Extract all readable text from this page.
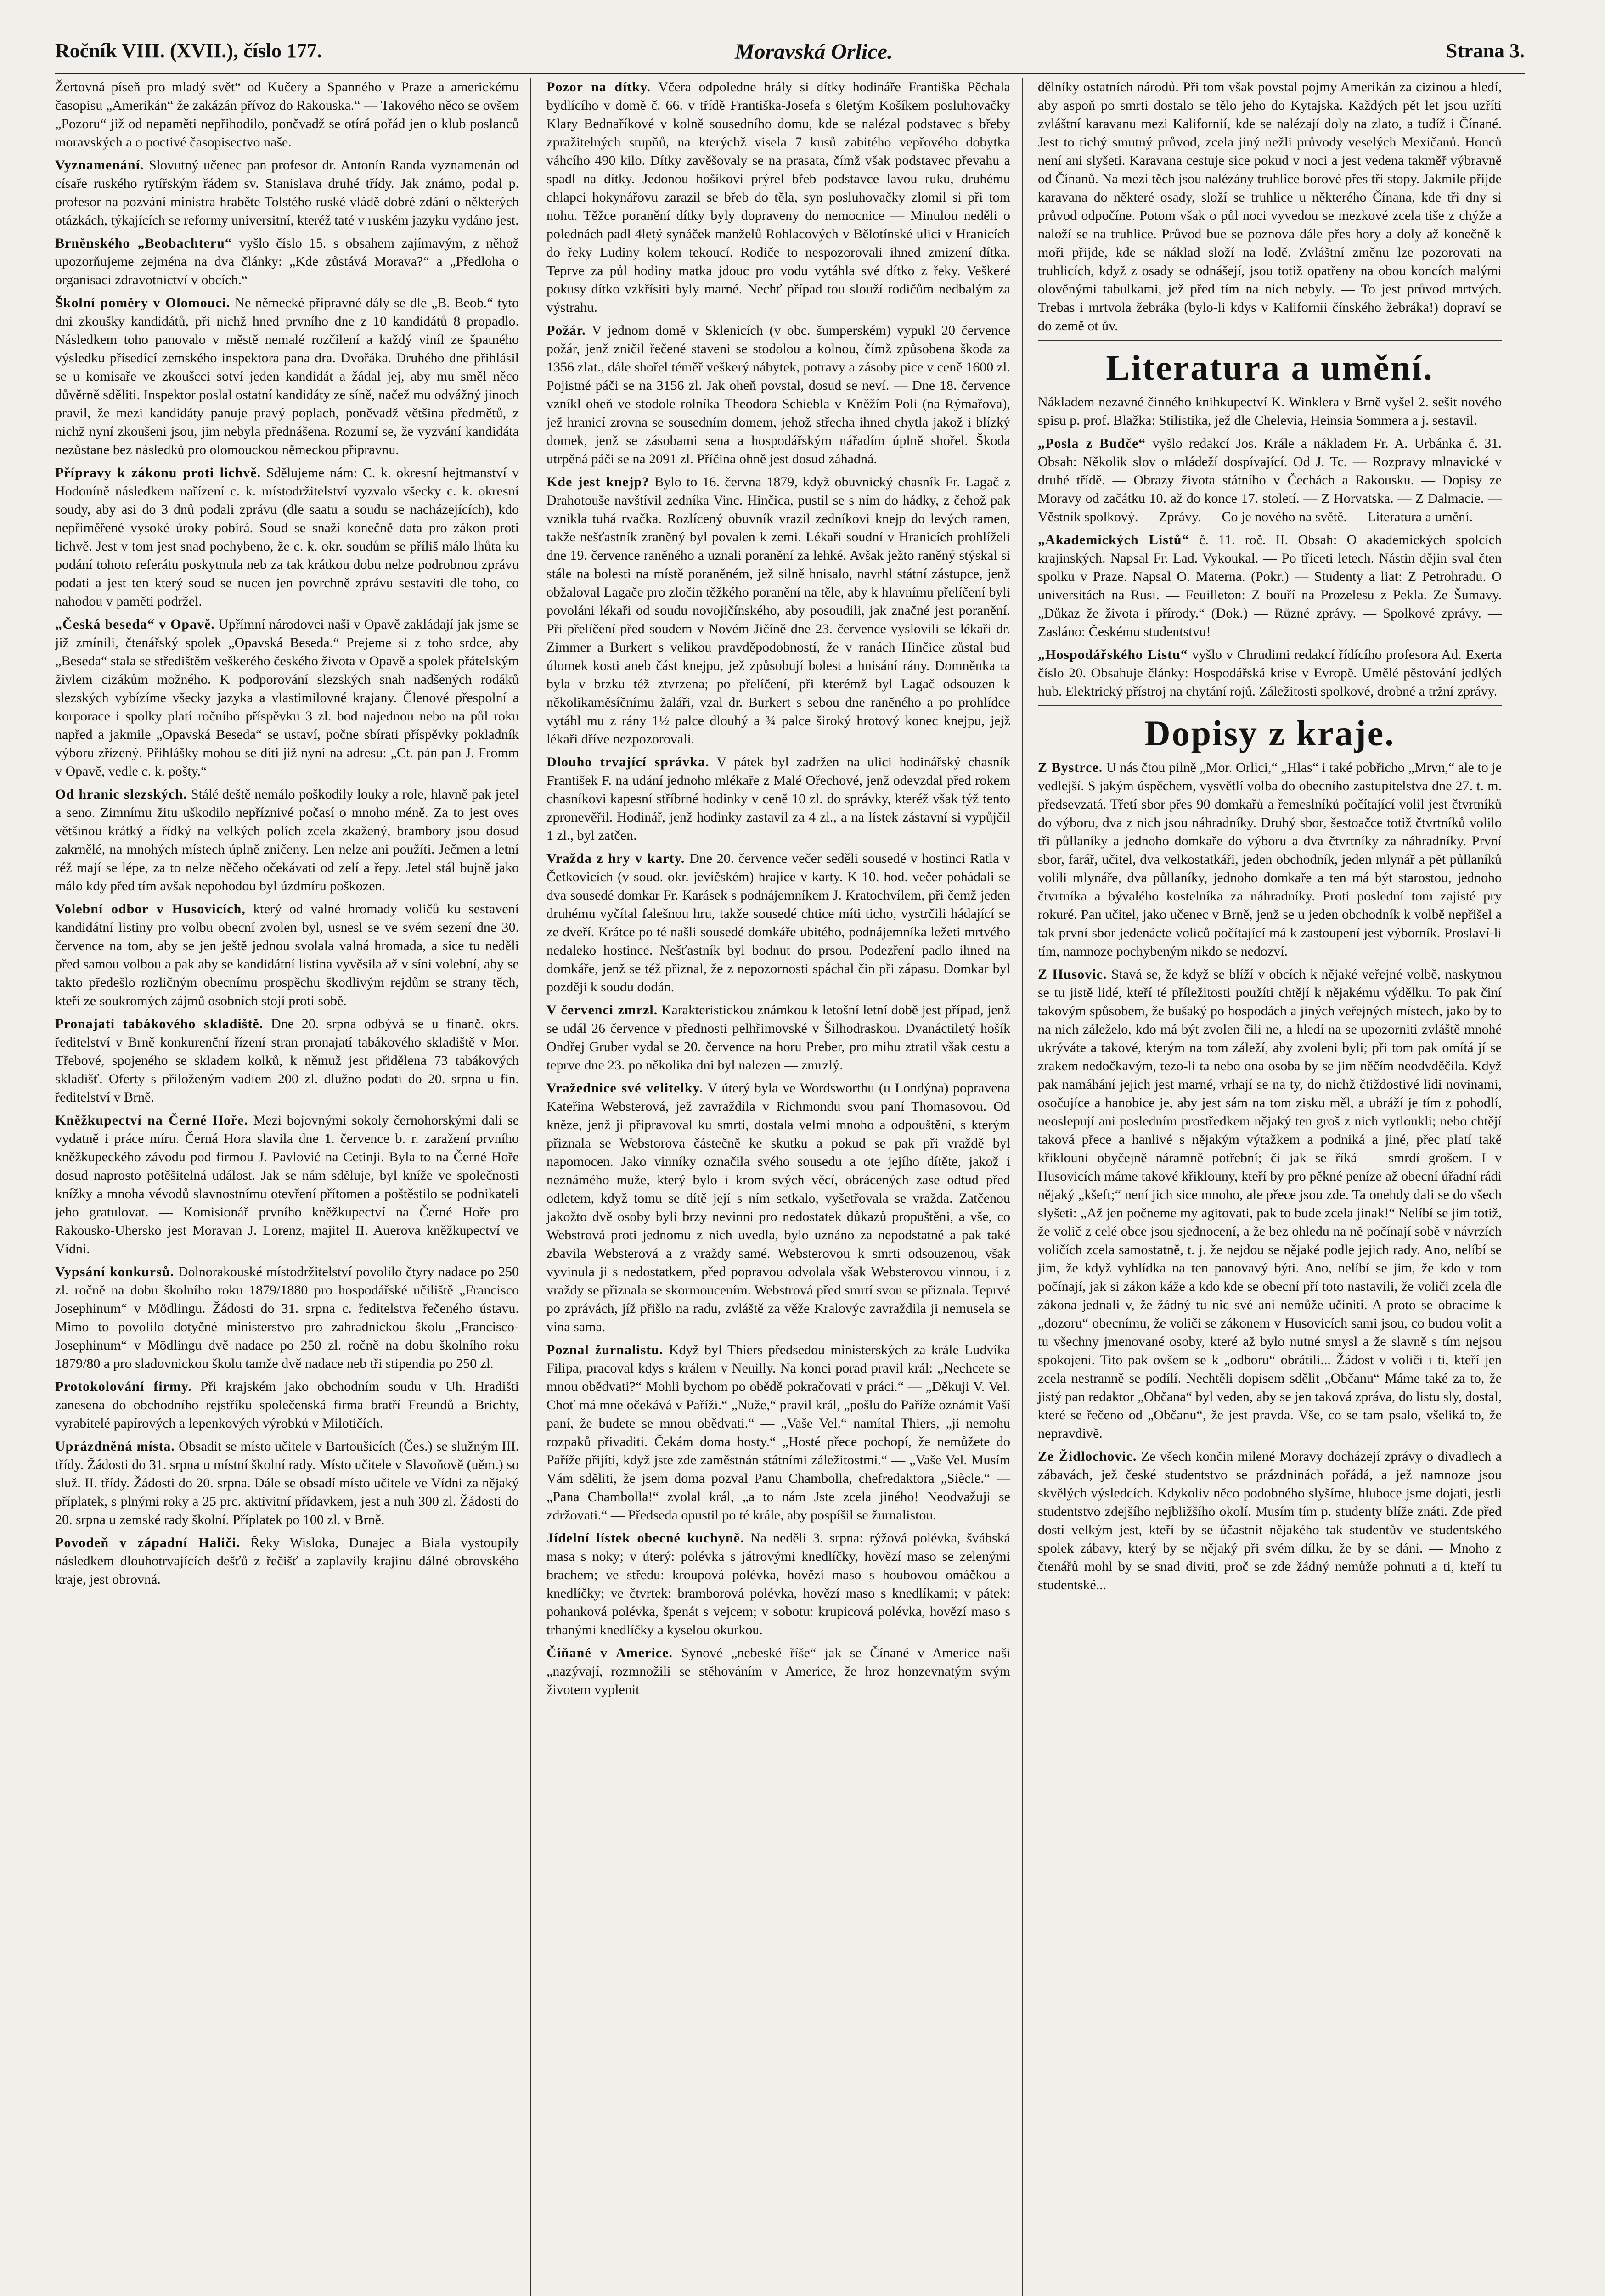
Ročník VIII. (XVII.), číslo 177.	Moravská Orlice.	Strana 3.

Žertovná píseň pro mladý svět“ od Kučery a Spanného v Praze a americkému časopisu „Amerikán“ že zakázán přívoz do Rakouska.“ — Takového něco se ovšem „Pozoru“ již od nepaměti nepřihodilo, pončvadž se otírá pořád jen o klub poslanců moravských a o poctivé časopisectvo naše.

Vyznamenání. Slovutný učenec pan profesor dr. Antonín Randa vyznamenán od císaře ruského rytířským řádem sv. Stanislava druhé třídy. Jak známo, podal p. profesor na pozvání ministra hraběte Tolstého ruské vládě dobré zdání o některých otázkách, týkajících se reformy universitní, kteréž taté v ruském jazyku vydáno jest.

Brněnského „Beobachteru“ vyšlo číslo 15. s obsahem zajímavým, z něhož upozorňujeme zejména na dva články: „Kde zůstává Morava?“ a „Předloha o organisaci zdravotnictví v obcích.“

Školní poměry v Olomouci. Ne německé přípravné dály se dle „B. Beob.“ tyto dni zkoušky kandidátů, při nichž hned prvního dne z 10 kandidátů 8 propadlo. Následkem toho panovalo v městě nemalé rozčilení a každý viníl ze špatného výsledku přísedící zemského inspektora pana dra. Dvořáka. Druhého dne přihlásil se u komisaře ve zkoušcci sotví jeden kandidát a žádal jej, aby mu směl něco důvěrně sděliti. Inspektor poslal ostatní kandidáty ze síně, načež mu odvážný jinoch pravil, že mezi kandidáty panuje pravý poplach, poněvadž většina předmětů, z nichž nyní zkoušeni jsou, jim nebyla přednášena. Rozumí se, že vyzvání kandidáta nezůstane bez následků pro olomouckou německou přípravnu.

Přípravy k zákonu proti lichvě. Sdělujeme nám: C. k. okresní hejtmanství v Hodoníně následkem nařízení c. k. místodržitelství vyzvalo všecky c. k. okresní soudy, aby asi do 3 dnů podali zprávu (dle saatu a soudu se nacházejících), kdo nepřiměřené vysoké úroky pobírá. Soud se snaží konečně data pro zákon proti lichvě. Jest v tom jest snad pochybeno, že c. k. okr. soudům se příliš málo lhůta ku podání tohoto referátu poskytnula neb za tak krátkou dobu nelze podrobnou zprávu podati a jest ten který soud se nucen jen povrchně zprávu sestaviti dle toho, co nahodou v paměti podržel.

„Česká beseda“ v Opavě. Upřímní národovci naši v Opavě zakládají jak jsme se již zmínili, čtenářský spolek „Opavská Beseda.“ Prejeme si z toho srdce, aby „Beseda“ stala se středištěm veškerého českého života v Opavě a spolek přátelským živlem cizákům možného. K podporování slezských snah nadšených rodáků slezských vybízíme všecky jazyka a vlastimilovné krajany. Členové přespolní a korporace i spolky platí ročního příspěvku 3 zl. bod najednou nebo na půl roku napřed a jakmile „Opavská Beseda“ se ustaví, počne sbírati příspěvky pokladník výboru zřízený. Přihlášky mohou se díti již nyní na adresu: „Ct. pán pan J. Fromm v Opavě, vedle c. k. pošty.“

Od hranic slezských. Stálé deště nemálo poškodily louky a role, hlavně pak jetel a seno. Zimnímu žitu uškodilo nepříznivé počasí o mnoho méně. Za to jest oves většinou krátký a řídký na velkých polích zcela zkažený, brambory jsou dosud zakrnělé, na mnohých místech úplně zničeny. Len nelze ani použíti. Ječmen a letní réž mají se lépe, za to nelze něčeho očekávati od zelí a řepy. Jetel stál bujně jako málo kdy před tím avšak nepohodou byl úzdmíru poškozen.

Volební odbor v Husovicích, který od valné hromady voličů ku sestavení kandidátní listiny pro volbu obecní zvolen byl, usnesl se ve svém sezení dne 30. července na tom, aby se jen ještě jednou svolala valná hromada, a sice tu neděli před samou volbou a pak aby se kandidátní listina vyvěsila až v síni volební, aby se takto předešlo rozličným obecnímu prospěchu škodlivým rejdům se strany těch, kteří ze soukromých zájmů osobních stojí proti sobě.

Pronajatí tabákového skladiště. Dne 20. srpna odbývá se u finanč. okrs. ředitelství v Brně konkurenční řízení stran pronajatí tabákového skladiště v Mor. Třebové, spojeného se skladem kolků, k němuž jest přidělena 73 tabákových skladišť. Oferty s přiloženým vadiem 200 zl. dlužno podati do 20. srpna u fin. ředitelství v Brně.

Kněžkupectví na Černé Hoře. Mezi bojovnými sokoly černohorskými dali se vydatně i práce míru. Černá Hora slavila dne 1. července b. r. zaražení prvního kněžkupeckého závodu pod firmou J. Pavlović na Cetinji. Byla to na Černé Hoře dosud naprosto potěšitelná událost. Jak se nám sděluje, byl kníže ve společnosti knížky a mnoha vévodů slavnostnímu otevření přítomen a poštěstilo se podnikateli jeho gratulovat. — Komisionář prvního kněžkupectví na Černé Hoře pro Rakousko-Uhersko jest Moravan J. Lorenz, majitel II. Auerova kněžkupectví ve Vídni.

Vypsání konkursů. Dolnorakouské místodržitelství povolilo čtyry nadace po 250 zl. ročně na dobu školního roku 1879/1880 pro hospodářské učiliště „Francisco Josephinum“ v Mödlingu. Žádosti do 31. srpna c. ředitelstva řečeného ústavu. Mimo to povolilo dotyčné ministerstvo pro zahradnickou školu „Francisco-Josephinum“ v Mödlingu dvě nadace po 250 zl. ročně na dobu školního roku 1879/80 a pro sladovnickou školu tamže dvě nadace neb tři stipendia po 250 zl.

Protokolování firmy. Při krajském jako obchodním soudu v Uh. Hradišti zanesena do obchodního rejstříku společenská firma bratří Freundů a Brichty, vyrabitelé papírových a lepenkových výrobků v Milotičích.

Uprázdněná místa. Obsadit se místo učitele v Bartoušicích (Čes.) se služným III. třídy. Žádosti do 31. srpna u místní školní rady. Místo učitele v Slavoňově (uěm.) so služ. II. třídy. Žádosti do 20. srpna. Dále se obsadí místo učitele ve Vídni za nějaký příplatek, s plnými roky a 25 prc. aktivitní přídavkem, jest a nuh 300 zl. Žádosti do 20. srpna u zemské rady školní. Příplatek po 100 zl. v Brně.

Povodeň v západní Haliči. Řeky Wisloka, Dunajec a Biala vystoupily následkem dlouhotrvajících dešťů z řečišť a zaplavily krajinu dálné obrovského kraje, jest obrovná.

Pozor na dítky. Včera odpoledne hrály si dítky hodináře Františka Pěchala bydlícího v domě č. 66. v třídě Františka-Josefa s 6letým Košíkem posluhovačky Klary Bednaříkové v kolně sousedního domu, kde se nalézal podstavec s břeby zpražitelných stupňů, na kterýchž visela 7 kusů zabitého vepřového dobytka váhcího 490 kilo. Dítky zavěšovaly se na prasata, čímž však podstavec převahu a spadl na dítky. Jedonou hošíkovi prýrel břeb podstavce lavou ruku, druhému chlapci hokynářovu zarazil se břeb do těla, syn posluhovačky zlomil si při tom nohu. Těžce poranění dítky byly dopraveny do nemocnice — Minulou neděli o polednách padl 4letý synáček manželů Rohlacových v Bělotínské ulici v Hranicích do řeky Ludiny kolem tekoucí. Rodiče to nespozorovali ihned zmizení dítka. Teprve za půl hodiny matka jdouc pro vodu vytáhla své dítko z řeky. Veškeré pokusy dítko vzkřísiti byly marné. Nechť případ tou slouží rodičům nedbalým za výstrahu.

Požár. V jednom domě v Sklenicích (v obc. šumperském) vypukl 20 července požár, jenž zničil řečené staveni se stodolou a kolnou, čímž způsobena škoda za 1356 zlat., dále shořel téměř veškerý nábytek, potravy a zásoby pice v ceně 1600 zl. Pojistné páči se na 3156 zl. Jak oheň povstal, dosud se neví. — Dne 18. července vzníkl oheň ve stodole rolníka Theodora Schiebla v Kněžím Poli (na Rýmařova), jež hranicí zrovna se sousedním domem, jehož střecha ihned chytla jakož i blízký domek, jenž se zásobami sena a hospodářským nářadím úplně shořel. Škoda utrpěná páči se na 2091 zl. Příčina ohně jest dosud záhadná.

Kde jest knejp? Bylo to 16. června 1879, když obuvnický chasník Fr. Lagač z Drahotouše navštívil zedníka Vinc. Hinčica, pustil se s ním do hádky, z čehož pak vznikla tuhá rvačka. Rozlícený obuvník vrazil zedníkovi knejp do levých ramen, takže nešťastník zraněný byl povalen k zemi. Lékaři soudní v Hranicích prohlíželi dne 19. července raněného a uznali poranění za lehké. Avšak ježto raněný stýskal si stále na bolesti na místě poraněném, jež silně hnisalo, navrhl státní zástupce, jenž obžaloval Lagače pro zločin těžkého poranění na těle, aby k hlavnímu přelíčení byli povoláni lékaři od soudu novojičínského, aby posoudili, jak značné jest poranění. Při přelíčení před soudem v Novém Jičíně dne 23. července vyslovili se lékaři dr. Zimmer a Burkert s velikou pravděpodobností, že v ranách Hinčice zůstal bud úlomek kosti aneb část knejpu, jež způsobují bolest a hnisání rány. Domněnka ta byla v brzku též ztvrzena; po přelíčení, při kterémž byl Lagač odsouzen k několikaměsíčnímu žaláři, vzal dr. Burkert s sebou dne raněného a po prohlídce vytáhl mu z rány 1½ palce dlouhý a ¾ palce široký hrotový konec knejpu, jejž lékaři dříve nezpozorovali.

Dlouho trvající správka. V pátek byl zadržen na ulici hodinářský chasník František F. na udání jednoho mlékaře z Malé Ořechové, jenž odevzdal před rokem chasníkovi kapesní stříbrné hodinky v ceně 10 zl. do správky, kteréž však týž tento zpronevěřil. Hodinář, jenž hodinky zastavil za 4 zl., a na lístek zástavní si vypůjčil 1 zl., byl zatčen.

Vražda z hry v karty. Dne 20. července večer seděli sousedé v hostinci Ratla v Četkovicích (v soud. okr. jevíčském) hrajice v karty. K 10. hod. večer pohádali se dva sousedé domkar Fr. Karásek s podnájemníkem J. Kratochvílem, při čemž jeden druhému vyčítal falešnou hru, takže sousedé chtice míti ticho, vystrčili hádající se ze dveří. Krátce po té našli sousedé domkáře ubitého, podnájemníka ležeti mrtvého nedaleko hostince. Nešťastník byl bodnut do prsou. Podezření padlo ihned na domkáře, jenž se též přiznal, že z nepozornosti spáchal čin při zápasu. Domkar byl později k soudu dodán.

V červenci zmrzl. Karakteristickou známkou k letošní letní době jest případ, jenž se udál 26 července v přednosti pelhřimovské v Šilhodraskou. Dvanáctiletý hošík Ondřej Gruber vydal se 20. července na horu Preber, pro mihu ztratil však cestu a teprve dne 23. po několika dni byl nalezen — zmrzlý.

Vražednice své velitelky. V úterý byla ve Wordsworthu (u Londýna) popravena Kateřina Websterová, jež zavraždila v Richmondu svou paní Thomasovou. Od kněze, jenž ji připravoval ku smrti, dostala velmi mnoho a odpouštění, s kterým přiznala se Webstorova částečně ke skutku a pokud se pak při vraždě byl napomocen. Jako vinníky označila svého sousedu a ote jejího dítěte, jakož i neznámého muže, který bylo i krom svých věcí, obrácených zase odtud před odletem, když tomu se dítě její s ním setkalo, vyšetřovala se vražda. Zatčenou jakožto dvě osoby byli brzy nevinni pro nedostatek důkazů propuštěni, a vše, co Webstrová proti jednomu z nich uvedla, bylo uznáno za nepodstatné a pak také zbavila Websterová a z vraždy samé. Websterovou k smrti odsouzenou, však vyvinula ji s nedostatkem, před popravou odvolala však Websterovou vinnou, i z vraždy se přiznala se skormoucením. Webstrová před smrtí svou se přiznala. Teprvé po zprávách, jíž přišlo na radu, zvláště za věže Kralovýc zavraždila ji nemusela se vina sama.

Poznal žurnalistu. Když byl Thiers předsedou ministerských za krále Ludvíka Filipa, pracoval kdys s králem v Neuilly. Na konci porad pravil král: „Nechcete se mnou obědvati?“ Mohli bychom po obědě pokračovati v práci.“ — „Děkuji V. Vel. Choť má mne očekává v Paříži.“ „Nuže,“ pravil král, „pošlu do Paříže oznámit Vaší paní, že budete se mnou obědvati.“ — „Vaše Vel.“ namítal Thiers, „ji nemohu rozpaků přivaditi. Čekám doma hosty.“ „Hosté přece pochopí, že nemůžete do Paříže přijíti, když jste zde zaměstnán státními záležitostmi.“ — „Vaše Vel. Musím Vám sděliti, že jsem doma pozval Panu Chambolla, chefredaktora „Siècle.“ — „Pana Chambolla!“ zvolal král, „a to nám Jste zcela jiného! Neodvažuji se zdržovati.“ — Předseda opustil po té krále, aby pospíšil se žurnalistou.

Jídelní lístek obecné kuchyně. Na neděli 3. srpna: rýžová polévka, švábská masa s noky; v úterý: polévka s játrovými knedlíčky, hovězí maso se zelenými brachem; ve středu: kroupová polévka, hovězí maso s houbovou omáčkou a knedlíčky; ve čtvrtek: bramborová polévka, hovězí maso s knedlíkami; v pátek: pohanková polévka, špenát s vejcem; v sobotu: krupicová polévka, hovězí maso s trhanými knedlíčky a kyselou okurkou.

Čiňané v Americe. Synové „nebeské říše“ jak se Čínané v Americe naši „nazývají, rozmnožili se stěhováním v Americe, že hroz honzevnatým svým životem vyplenit

dělníky ostatních národů. Při tom však povstal pojmy Amerikán za cizinou a hledí, aby aspoň po smrti dostalo se tělo jeho do Kytajska. Každých pět let jsou uzříti zvláštní karavanu mezi Kalifornií, kde se nalézají doly na zlato, a tudíž i Čínané. Jest to tichý smutný průvod, zcela jiný nežli průvody veselých Mexičanů. Honců není ani slyšeti. Karavana cestuje sice pokud v noci a jest vedena takměř výbravně od Čínanů. Na mezi těch jsou nalézány truhlice borové přes tři stopy. Jakmile přijde karavana do některé osady, složí se truhlice u některého Čínana, kde tři dny si průvod odpočíne. Potom však o půl noci vyvedou se mezkové zcela tiše z chýže a naloží se na truhlice. Průvod bue se poznova dále přes hory a doly až konečně k moři přijde, kde se náklad složí na lodě. Zvláštní změnu lze pozorovati na truhlicích, když z osady se odnášejí, jsou totiž opatřeny na obou koncích malými olověnými tabulkami, jež před tím na nich nebyly. — To jest průvod mrtvých. Trebas i mrtvola žebráka (bylo-li kdys v Kalifornii čínského žebráka!) dopraví se do země ot ův.

Literatura a umění.

Nákladem nezavné činného knihkupectví K. Winklera v Brně vyšel 2. sešit nového spisu p. prof. Blažka: Stilistika, jež dle Chelevia, Heinsia Sommera a j. sestavil.

„Posla z Budče“ vyšlo redakcí Jos. Krále a nákladem Fr. A. Urbánka č. 31. Obsah: Několik slov o mládeží dospívající. Od J. Tc. — Rozpravy mlnavické v druhé třídě. — Obrazy života státního v Čechách a Rakousku. — Dopisy ze Moravy od začátku 10. až do konce 17. století. — Z Horvatska. — Z Dalmacie. — Věstník spolkový. — Zprávy. — Co je nového na světě. — Literatura a umění.

„Akademických Listů“ č. 11. roč. II. Obsah: O akademických spolcích krajinských. Napsal Fr. Lad. Vykoukal. — Po třiceti letech. Nástin dějin sval čten spolku v Praze. Napsal O. Materna. (Pokr.) — Studenty a liat: Z Petrohradu. O universitách na Rusi. — Feuilleton: Z bouří na Prozelesu z Pekla. Ze Šumavy. „Důkaz že života i přírody.“ (Dok.) — Různé zprávy. — Spolkové zprávy. — Zasláno: Českému studentstvu!

„Hospodářského Listu“ vyšlo v Chrudimi redakcí řídícího profesora Ad. Exerta číslo 20. Obsahuje články: Hospodářská krise v Evropě. Umělé pěstování jedlých hub. Elektrický přístroj na chytání rojů. Záležitosti spolkové, drobné a tržní zprávy.

Dopisy z kraje.

Z Bystrce. U nás čtou pilně „Mor. Orlici,“ „Hlas“ i také pobřicho „Mrvn,“ ale to je vedlejší. S jakým úspěchem, vysvětlí volba do obecního zastupitelstva dne 27. t. m. předsevzatá. Třetí sbor přes 90 domkařů a řemeslníků počítající volil jest čtvrtníků do výboru, dva z nich jsou náhradníky. Druhý sbor, šestoačce totiž čtvrtníků volilo tři půllaníky a jednoho domkaře do výboru a dva čtvrtníky za náhradníky. První sbor, farář, učitel, dva velkostatkáři, jeden obchodník, jeden mlynář a pět půllaníků volili mlynáře, dva půllaníky, jednoho domkaře a ten má být starostou, jednoho čtvrtníka a bývalého kostelníka za náhradníky. Proti poslední tom zajisté pry rokuré. Pan učitel, jako učenec v Brně, jenž se u jeden obchodník k volbě nepřišel a tak první sbor jedenácte voliců počítající má k zastoupení jest výborník. Proslaví-li tím, namnoze pochybeným nikdo se nedozví.

Z Husovic. Stavá se, že když se blíží v obcích k nějaké veřejné volbě, naskytnou se tu jistě lidé, kteří té příležitosti použíti chtějí k nějakému výdělku. To pak činí takovým spůsobem, že bušaký po hospodách a jiných veřejných místech, jako by to na nich záleželo, kdo má být zvolen čili ne, a hledí na se upozorniti zvláště mnohé ukrýváte a takové, kterým na tom záleží, aby zvoleni byli; při tom pak omítá jí se zrakem nedočkavým, tezo-li ta nebo ona osoba by se jim něčím neodvděčila. Když pak namáhání jejich jest marné, vrhají se na ty, do nichž čtiždostivé lidi novinami, osočujíce a hanobice je, aby jest sám na tom zisku měl, a ubráží je tím z pohodlí, neoslepují ani posledním prostředkem nějaký ten groš z nich vytloukli; nebo chtějí taková přece a hanlivé s nějakým výtažkem a podniká a jiné, přec platí takě křiklouni obyčejně náramně potřební; či jak se říká — smrdí grošem. I v Husovicích máme takové křiklouny, kteří by pro pěkné peníze až obecní úřadní rádi nějaký „kšeft;“ není jich sice mnoho, ale přece jsou zde. Ta onehdy dali se do všech slyšeti: „Až jen počneme my agitovati, pak to bude zcela jinak!“ Nelíbí se jim totiž, že volič z celé obce jsou sjednocení, a že bez ohledu na ně počínají sobě v návrzích voličích zcela samostatně, t. j. že nejdou se nějaké podle jejich rady. Ano, nelíbí se jim, že když vyhlídka na ten panovavý býti. Ano, nelíbí se jim, že kdo v tom počínají, jak si zákon káže a kdo kde se obecní pří toto nastavili, že voliči zcela dle zákona jednali v, že žádný tu nic své ani nemůže učiniti. A proto se obracíme k „dozoru“ obecnímu, že voliči se zákonem v Husovicích sami jsou, co budou volit a tu všechny jmenované osoby, které až bylo nutné smysl a že slavně s tím nejsou spokojeni. Tito pak ovšem se k „odboru“ obrátili... Žádost v voliči i ti, kteří jen zcela nestranně se podílí. Nechtěli dopisem sdělit „Občanu“ Máme také za to, že jistý pan redaktor „Občana“ byl veden, aby se jen taková zpráva, do listu sly, dostal, které se řečeno od „Občanu“, že jest pravda. Vše, co se tam psalo, všeliká to, že nepravdivě.

Ze Židlochovic. Ze všech končin milené Moravy docházejí zprávy o divadlech a zábavách, jež české studentstvo se prázdninách pořádá, a jež namnoze jsou skvělých výsledcích. Kdykoliv něco podobného slyšíme, hluboce jsme dojati, jestli studentstvo zdejšího nejbližšího okolí. Musím tím p. studenty blíže znáti. Zde před dosti velkým jest, kteří by se účastnit nějakého tak studentův ve studentského spolek zábavy, který by se nějaký při svém dílku, že by se dáni. — Mnoho z čtenářů mohl by se snad diviti, proč se zde žádný nemůže pohnuti a ti, kteří tu studentské...
